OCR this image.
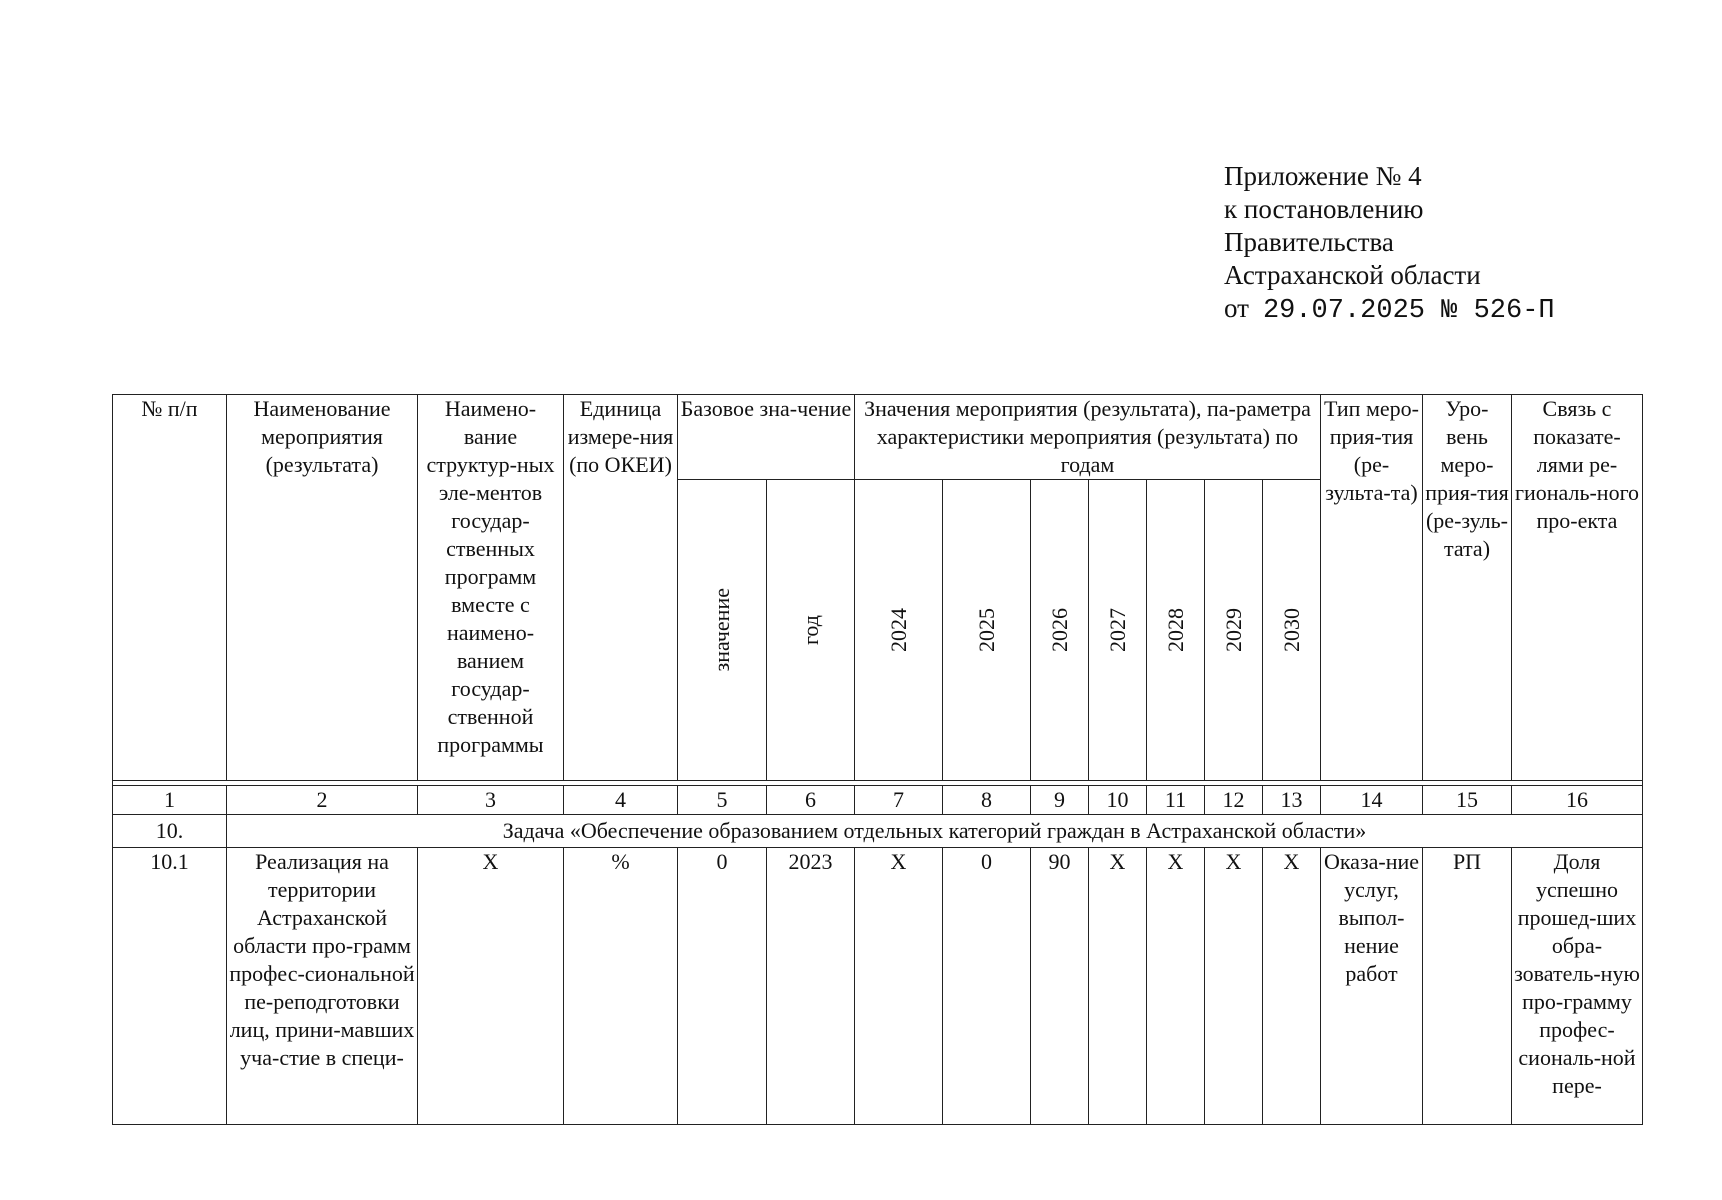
Приложение № 4
к постановлению
Правительства
Астраханской области
от 29.07.2025 № 526-П
№ п/п	Наименование мероприятия (результата)	Наимено-вание структур-ных эле-ментов государ-ственных программ вместе с наимено-ванием государ-ственной программы	Единица измере-ния (по ОКЕИ)	Базовое зна-чение		Значения мероприятия (результата), па-раметра характеристики мероприятия (результата) по годам							Тип меро-прия-тия (ре-зульта-та)	Уро-вень меро-прия-тия (ре-зуль-тата)	Связь с показате-лями ре-гиональ-ного про-екта

				значение	год	2024	2025	2026	2027	2028	2029	2030			

1	2	3	4	5	6	7	8	9	10	11	12	13	14	15	16
10.	Задача «Обеспечение образованием отдельных категорий граждан в Астраханской области»														
10.1	Реализация на территории Астраханской области про-грамм профес-сиональной пе-реподготовки лиц, прини-мавших уча-стие в специ-	X	%	0	2023	X	0	90	X	X	X	X	Оказа-ние услуг, выпол-нение работ	РП	Доля успешно прошед-ших обра-зователь-ную про-грамму профес-сиональ-ной пере-
